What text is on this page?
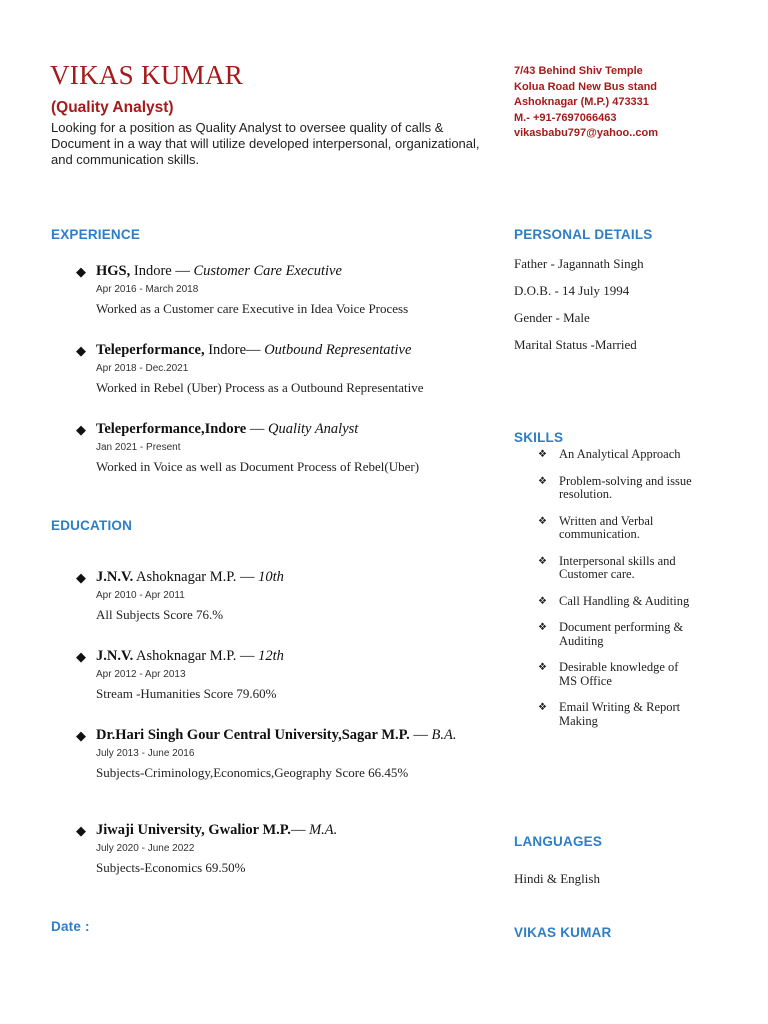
VIKAS KUMAR
(Quality Analyst)
Looking for a position as Quality Analyst to oversee quality of calls & Document in a way that will utilize developed interpersonal, organizational, and communication skills.
7/43 Behind Shiv Temple
Kolua Road New Bus stand
Ashoknagar (M.P.) 473331
M.- +91-7697066463
vikasbabu797@yahoo..com
EXPERIENCE
◆ HGS, Indore — Customer Care Executive
Apr 2016 - March 2018
Worked as a Customer care Executive in Idea Voice Process
◆ Teleperformance, Indore— Outbound Representative
Apr 2018 - Dec.2021
Worked in Rebel (Uber) Process as a Outbound Representative
◆ Teleperformance,Indore — Quality Analyst
Jan 2021 - Present
Worked in Voice as well as Document Process of Rebel(Uber)
EDUCATION
◆ J.N.V. Ashoknagar M.P. — 10th
Apr 2010 - Apr 2011
All Subjects Score 76.%
◆ J.N.V. Ashoknagar M.P. — 12th
Apr 2012 - Apr 2013
Stream -Humanities Score 79.60%
◆ Dr.Hari Singh Gour Central University,Sagar M.P. — B.A.
July 2013 - June 2016
Subjects-Criminology,Economics,Geography Score 66.45%
◆ Jiwaji University, Gwalior M.P.— M.A.
July 2020 - June 2022
Subjects-Economics 69.50%
Date :
PERSONAL DETAILS
Father - Jagannath Singh
D.O.B. - 14 July 1994
Gender - Male
Marital Status -Married
SKILLS
❖ An Analytical Approach
❖ Problem-solving and issue resolution.
❖ Written and Verbal communication.
❖ Interpersonal skills and Customer care.
❖ Call Handling & Auditing
❖ Document performing & Auditing
❖ Desirable knowledge of MS Office
❖ Email Writing & Report Making
LANGUAGES
Hindi & English
VIKAS KUMAR
